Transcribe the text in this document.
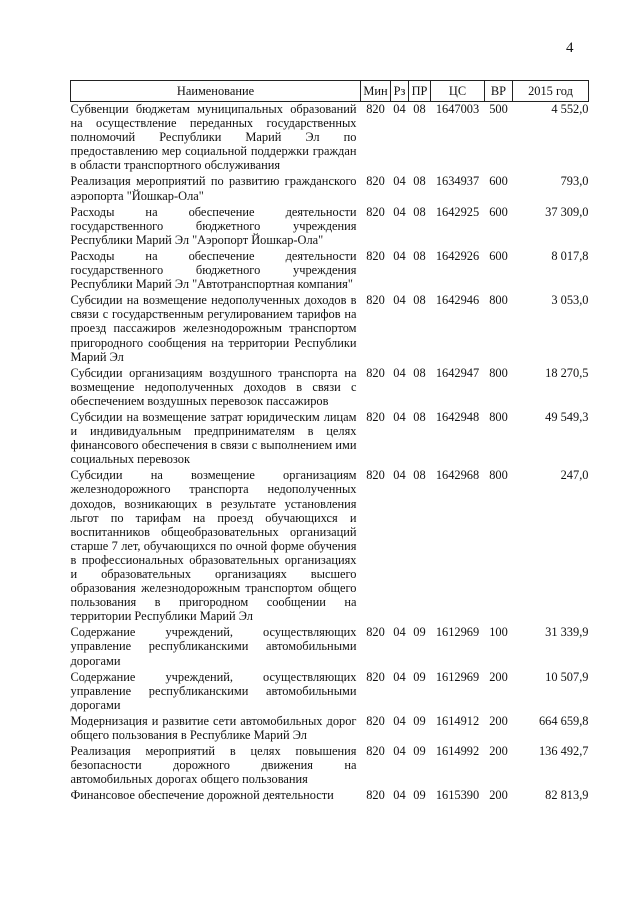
4
Наименование	Мин	Рз	ПР	ЦС	ВР	2015 год
Субвенции бюджетам муниципальных образований на осуществление переданных государственных полномочий Республики Марий Эл по предоставлению мер социальной поддержки граждан в области транспортного обслуживания	820	04	08	1647003	500	4 552,0
Реализация мероприятий по развитию гражданского аэропорта "Йошкар-Ола"	820	04	08	1634937	600	793,0
Расходы на обеспечение деятельности государственного бюджетного учреждения Республики Марий Эл "Аэропорт Йошкар-Ола"	820	04	08	1642925	600	37 309,0
Расходы на обеспечение деятельности государственного бюджетного учреждения Республики Марий Эл "Автотранспортная компания"	820	04	08	1642926	600	8 017,8
Субсидии на возмещение недополученных доходов в связи с государственным регулированием тарифов на проезд пассажиров железнодорожным транспортом пригородного сообщения на территории Республики Марий Эл	820	04	08	1642946	800	3 053,0
Субсидии организациям воздушного транспорта на возмещение недополученных доходов в связи с обеспечением воздушных перевозок пассажиров	820	04	08	1642947	800	18 270,5
Субсидии на возмещение затрат юридическим лицам и индивидуальным предпринимателям в целях финансового обеспечения в связи с выполнением ими социальных перевозок	820	04	08	1642948	800	49 549,3
Субсидии на возмещение организациям железнодорожного транспорта недополученных доходов, возникающих в результате установления льгот по тарифам на проезд обучающихся и воспитанников общеобразовательных организаций старше 7 лет, обучающихся по очной форме обучения в профессиональных образовательных организациях и образовательных организациях высшего образования железнодорожным транспортом общего пользования в пригородном сообщении на территории Республики Марий Эл	820	04	08	1642968	800	247,0
Содержание учреждений, осуществляющих управление республиканскими автомобильными дорогами	820	04	09	1612969	100	31 339,9
Содержание учреждений, осуществляющих управление республиканскими автомобильными дорогами	820	04	09	1612969	200	10 507,9
Модернизация и развитие сети автомобильных дорог общего пользования в Республике Марий Эл	820	04	09	1614912	200	664 659,8
Реализация мероприятий в целях повышения безопасности дорожного движения на автомобильных дорогах общего пользования	820	04	09	1614992	200	136 492,7
Финансовое обеспечение дорожной деятельности	820	04	09	1615390	200	82 813,9
